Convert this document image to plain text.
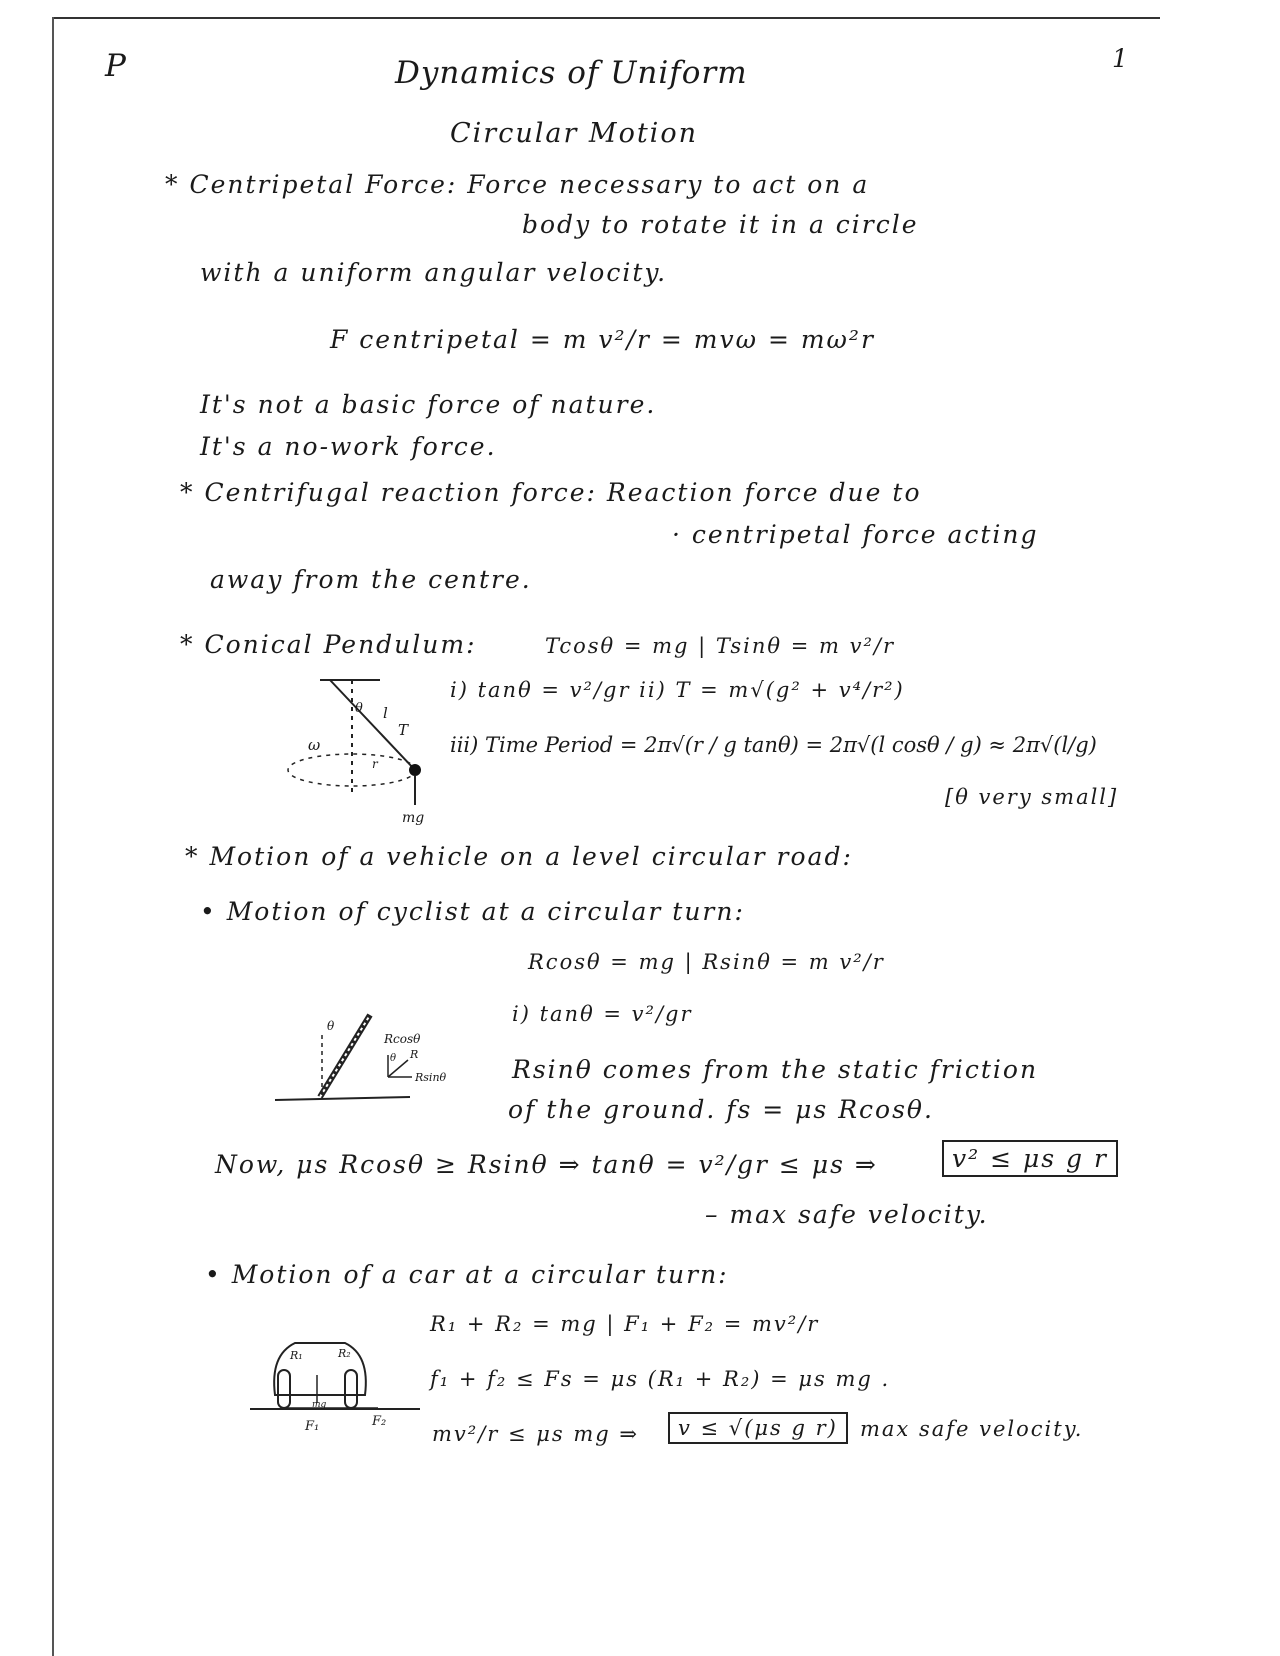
P	1
Dynamics of Uniform
Circular Motion
* Centripetal Force: Force necessary to act on a
body to rotate it in a circle
with a uniform angular velocity.
F centripetal = m v²/r = mvω = mω²r
It's not a basic force of nature.
It's a no-work force.
* Centrifugal reaction force: Reaction force due to
· centripetal force acting
away from the centre.
* Conical Pendulum:	Tcosθ = mg | Tsinθ = m v²/r
i) tanθ = v²/gr ii) T = m√(g² + v⁴/r²)
iii) Time Period = 2π√(r / g tanθ) = 2π√(l cosθ / g) ≈ 2π√(l/g)
[θ very small]
θ l
T
ω
r
mg
* Motion of a vehicle on a level circular road:
• Motion of cyclist at a circular turn:
Rcosθ = mg | Rsinθ = m v²/r
i) tanθ = v²/gr
θ
Rcosθ
θ R
Rsinθ	Rsinθ comes from the static friction
of the ground. fs = μs Rcosθ.
Now, μs Rcosθ ≥ Rsinθ ⇒ tanθ = v²/gr ≤ μs ⇒	v² ≤ μs g r
– max safe velocity.
• Motion of a car at a circular turn:
R₁ + R₂ = mg | F₁ + F₂ = mv²/r
R₁	R₂
mg
F₁	F₂
f₁ + f₂ ≤ Fs = μs (R₁ + R₂) = μs mg .
mv²/r ≤ μs mg ⇒	v ≤ √(μs g r)	max safe velocity.
